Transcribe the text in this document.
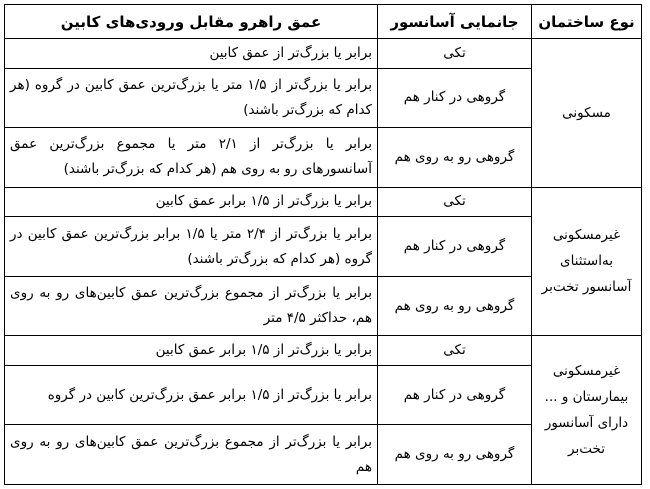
نوع ساختمان	جانمایی آسانسور	عمق راهرو مقابل ورودی‌های کابین
مسکونی	تکی	برابر یا بزرگ‌تر از عمق کابین
	گروهی در کنار هم	برابر یا بزرگ‌تر از ۱/۵ متر یا بزرگ‌ترین عمق کابین در گروه (هر کدام که بزرگ‌تر باشند)
	گروهی رو به روی هم	برابر یا بزرگ‌تر از ۲/۱ متر یا مجموع بزرگ‌ترین عمق آسانسورهای رو به روی هم (هر کدام که بزرگ‌تر باشند)
غیرمسکونی به‌استثنای آسانسور تخت‌بر	تکی	برابر یا بزرگ‌تر از ۱/۵ برابر عمق کابین
	گروهی در کنار هم	برابر یا بزرگ‌تر از ۲/۴ متر یا ۱/۵ برابر بزرگ‌ترین عمق کابین در گروه (هر کدام که بزرگ‌تر باشند)
	گروهی رو به روی هم	برابر یا بزرگ‌تر از مجموع بزرگ‌ترین عمق کابین‌های رو به روی هم، حداکثر ۴/۵ متر
غیرمسکونی بیمارستان و ... دارای آسانسور تخت‌بر	تکی	برابر یا بزرگ‌تر از ۱/۵ برابر عمق کابین
	گروهی در کنار هم	برابر یا بزرگ‌تر از ۱/۵ برابر عمق بزرگ‌ترین کابین در گروه
	گروهی رو به روی هم	برابر یا بزرگ‌تر از مجموع بزرگ‌ترین عمق کابین‌های رو به روی هم
